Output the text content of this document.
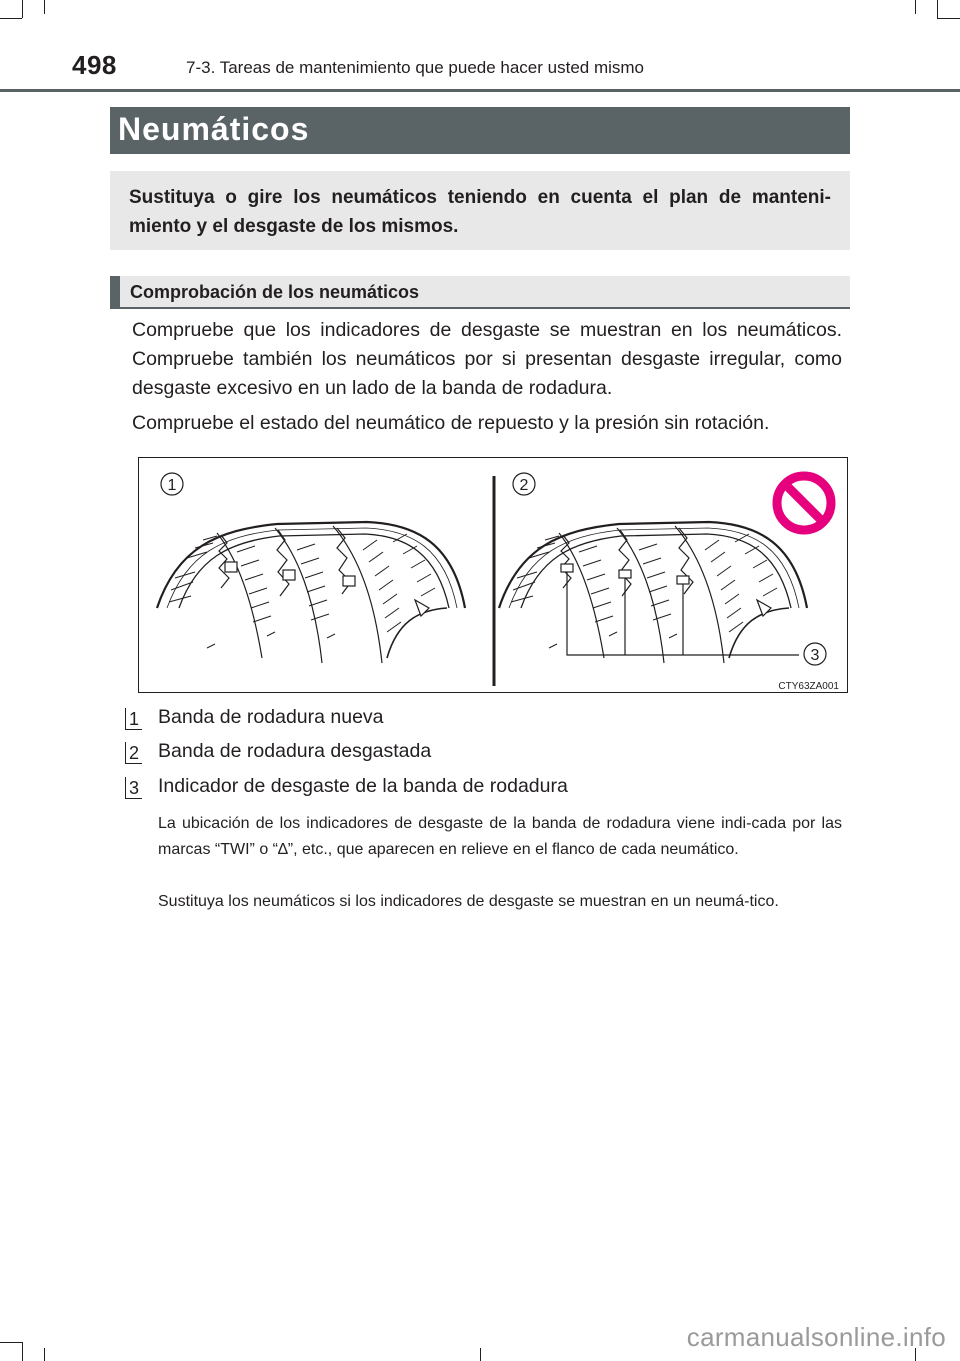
498	7-3. Tareas de mantenimiento que puede hacer usted mismo
Neumáticos

Sustituya o gire los neumáticos teniendo en cuenta el plan de manteni-miento y el desgaste de los mismos.

Comprobación de los neumáticos

Compruebe que los indicadores de desgaste se muestran en los neumáticos. Compruebe también los neumáticos por si presentan desgaste irregular, como desgaste excesivo en un lado de la banda de rodadura.

Compruebe el estado del neumático de repuesto y la presión sin rotación.

1	2
3
CTY63ZA001
1 Banda de rodadura nueva
2 Banda de rodadura desgastada
3 Indicador de desgaste de la banda de rodadura

La ubicación de los indicadores de desgaste de la banda de rodadura viene indi-cada por las marcas “TWI” o “∆”, etc., que aparecen en relieve en el flanco de cada neumático.

Sustituya los neumáticos si los indicadores de desgaste se muestran en un neumá-tico.

carmanualsonline.info
